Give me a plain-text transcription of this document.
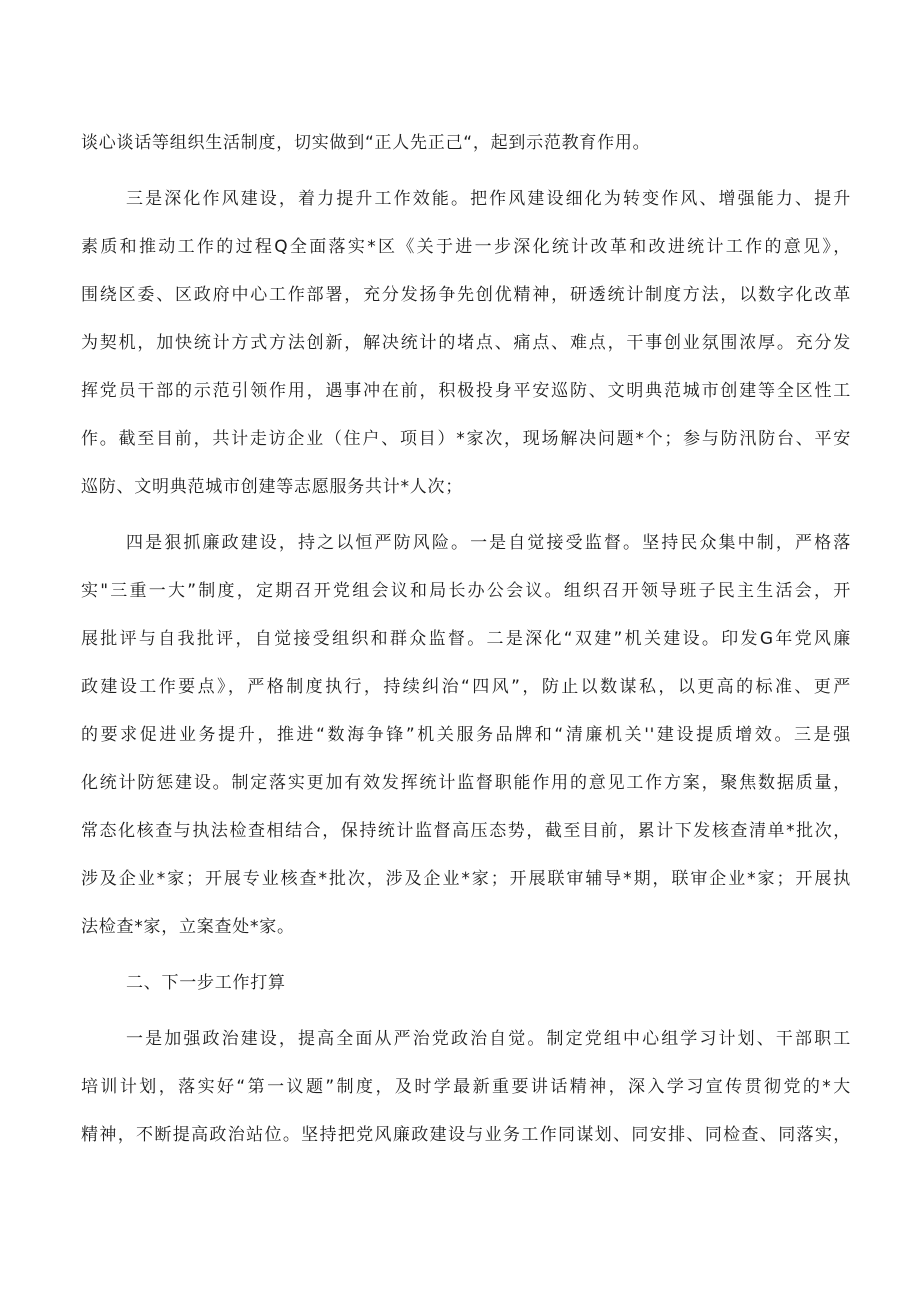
谈心谈话等组织生活制度，切实做到“正人先正己“，起到示范教育作用。
三是深化作风建设，着力提升工作效能。把作风建设细化为转变作风、增强能力、提升
素质和推动工作的过程Q全面落实*区《关于进一步深化统计改革和改进统计工作的意见》，
围绕区委、区政府中心工作部署，充分发扬争先创优精神，研透统计制度方法，以数字化改革
为契机，加快统计方式方法创新，解决统计的堵点、痛点、难点，干事创业氛围浓厚。充分发
挥党员干部的示范引领作用，遇事冲在前，积极投身平安巡防、文明典范城市创建等全区性工
作。截至目前，共计走访企业（住户、项目）*家次，现场解决问题*个；参与防汛防台、平安
巡防、文明典范城市创建等志愿服务共计*人次；
四是狠抓廉政建设，持之以恒严防风险。一是自觉接受监督。坚持民众集中制，严格落
实"三重一大”制度，定期召开党组会议和局长办公会议。组织召开领导班子民主生活会，开
展批评与自我批评，自觉接受组织和群众监督。二是深化“双建”机关建设。印发G年党风廉
政建设工作要点》，严格制度执行，持续纠治“四风”，防止以数谋私，以更高的标准、更严
的要求促进业务提升，推进“数海争锋”机关服务品牌和“清廉机关''建设提质增效。三是强
化统计防惩建设。制定落实更加有效发挥统计监督职能作用的意见工作方案，聚焦数据质量，
常态化核查与执法检查相结合，保持统计监督高压态势，截至目前，累计下发核查清单*批次，
涉及企业*家；开展专业核查*批次，涉及企业*家；开展联审辅导*期，联审企业*家；开展执
法检查*家，立案查处*家。
二、下一步工作打算
一是加强政治建设，提高全面从严治党政治自觉。制定党组中心组学习计划、干部职工
培训计划，落实好“第一议题”制度，及时学最新重要讲话精神，深入学习宣传贯彻党的*大
精神，不断提高政治站位。坚持把党风廉政建设与业务工作同谋划、同安排、同检查、同落实，
